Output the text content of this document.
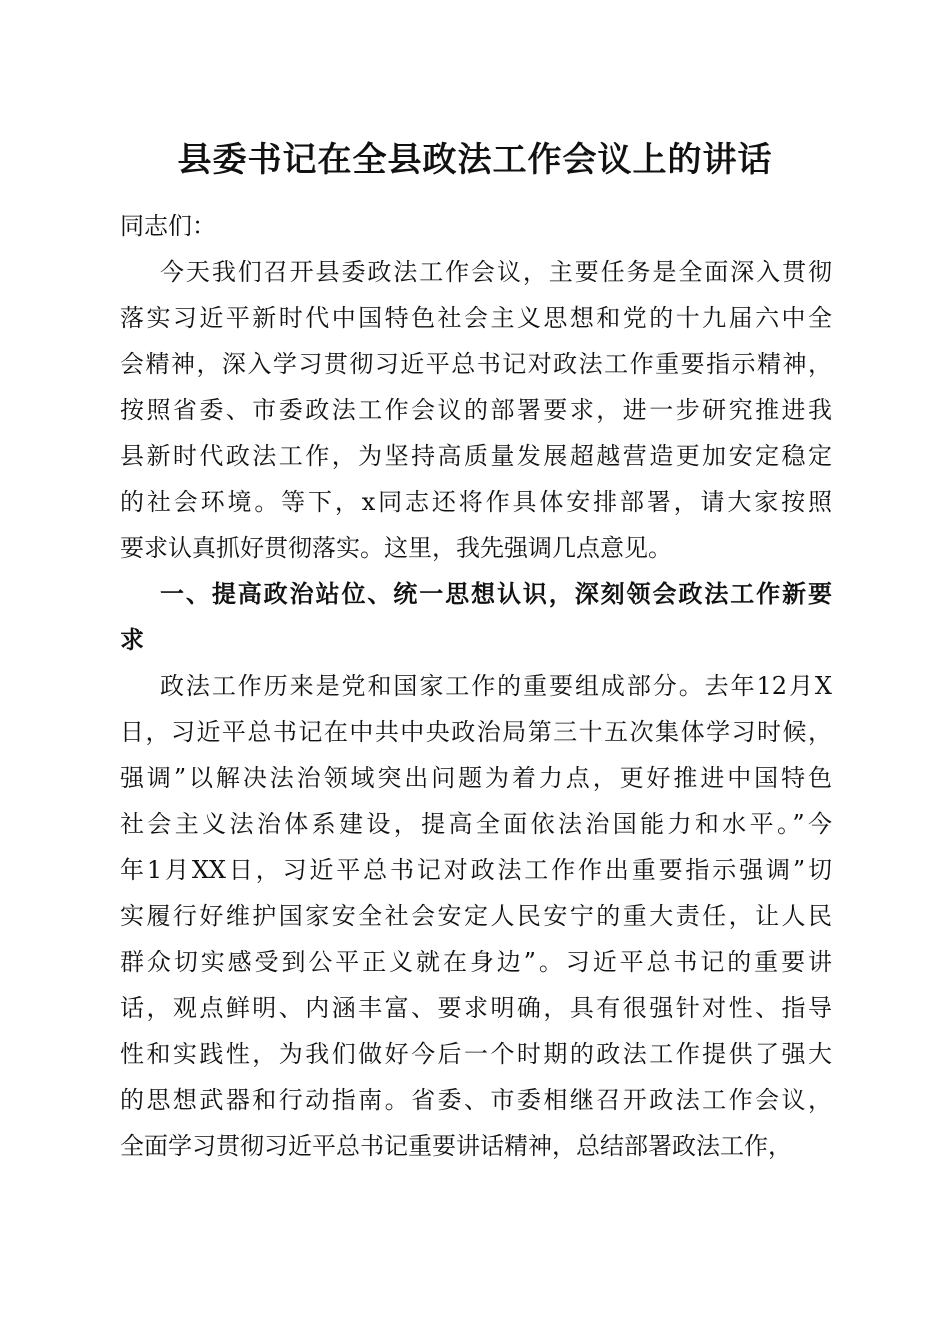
县委书记在全县政法工作会议上的讲话
同志们：
今天我们召开县委政法工作会议，主要任务是全面深入贯彻
落实习近平新时代中国特色社会主义思想和党的十九届六中全
会精神，深入学习贯彻习近平总书记对政法工作重要指示精神，
按照省委、市委政法工作会议的部署要求，进一步研究推进我
县新时代政法工作，为坚持高质量发展超越营造更加安定稳定
的社会环境。等下，x同志还将作具体安排部署，请大家按照
要求认真抓好贯彻落实。这里，我先强调几点意见。
一、提高政治站位、统一思想认识，深刻领会政法工作新要
求
政法工作历来是党和国家工作的重要组成部分。去年12月X
日，习近平总书记在中共中央政治局第三十五次集体学习时候，
强调”以解决法治领域突出问题为着力点，更好推进中国特色
社会主义法治体系建设，提高全面依法治国能力和水平。”今
年1月XX日，习近平总书记对政法工作作出重要指示强调”切
实履行好维护国家安全社会安定人民安宁的重大责任，让人民
群众切实感受到公平正义就在身边”。习近平总书记的重要讲
话，观点鲜明、内涵丰富、要求明确，具有很强针对性、指导
性和实践性，为我们做好今后一个时期的政法工作提供了强大
的思想武器和行动指南。省委、市委相继召开政法工作会议，
全面学习贯彻习近平总书记重要讲话精神，总结部署政法工作，
